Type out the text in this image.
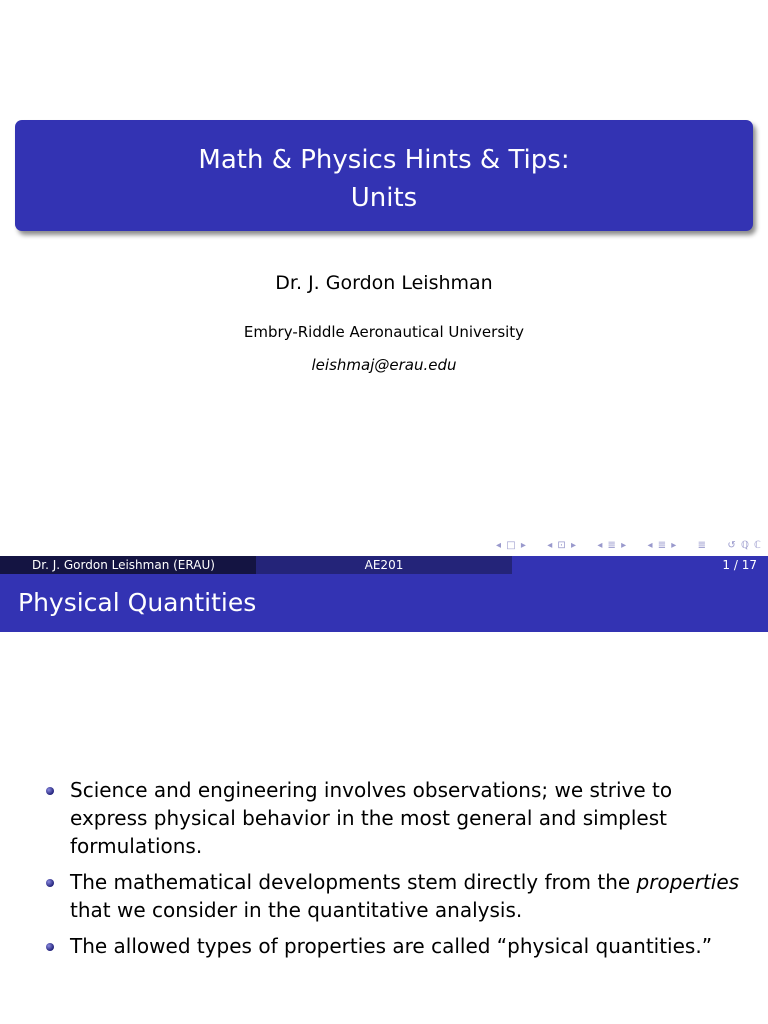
Math & Physics Hints & Tips:
Units
Dr. J. Gordon Leishman
Embry-Riddle Aeronautical University
leishmaj@erau.edu
◂ □ ▸ ◂ ⊡ ▸ ◂ ≣ ▸ ◂ ≣ ▸ ≣ ↺ ℚ ℂ
Dr. J. Gordon Leishman (ERAU)	AE201	1 / 17
Physical Quantities
Science and engineering involves observations; we strive to express physical behavior in the most general and simplest formulations.
The mathematical developments stem directly from the properties that we consider in the quantitative analysis.
The allowed types of properties are called “physical quantities.”
